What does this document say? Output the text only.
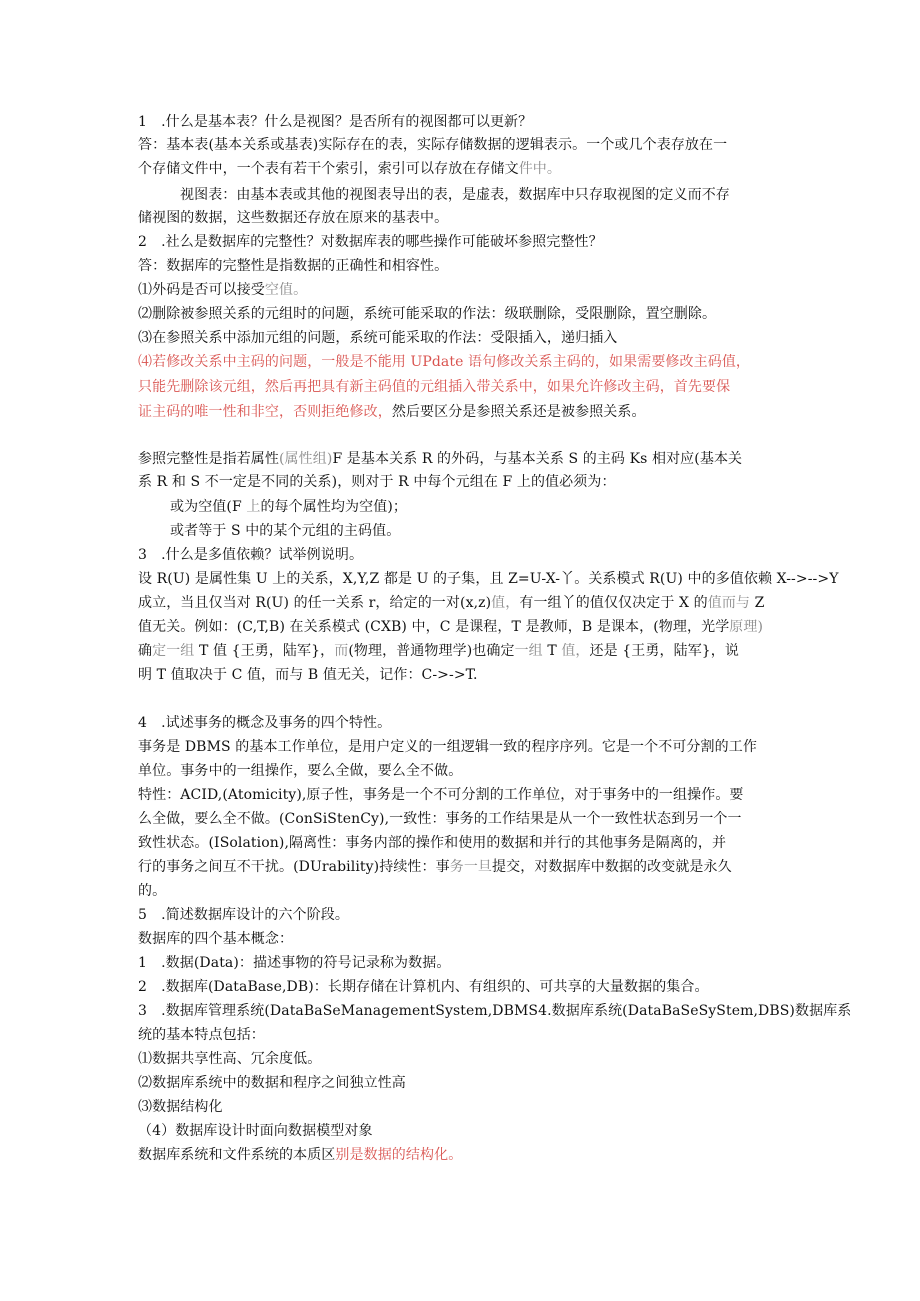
1　.什么是基本表？什么是视图？是否所有的视图都可以更新？
答：基本表(基本关系或基表)实际存在的表，实际存储数据的逻辑表示。一个或几个表存放在一
个存储文件中，一个表有若干个索引，索引可以存放在存储文件中。
视图表：由基本表或其他的视图表导出的表，是虚表，数据库中只存取视图的定义而不存
储视图的数据，这些数据还存放在原来的基表中。
2　.社么是数据库的完整性？对数据库表的哪些操作可能破坏参照完整性？
答：数据库的完整性是指数据的正确性和相容性。
⑴外码是否可以接受空值。
⑵删除被参照关系的元组时的问题，系统可能采取的作法：级联删除，受限删除，置空删除。
⑶在参照关系中添加元组的问题，系统可能采取的作法：受限插入，递归插入
⑷若修改关系中主码的问题，一般是不能用 UPdate 语句修改关系主码的，如果需要修改主码值，
只能先删除该元组，然后再把具有新主码值的元组插入带关系中，如果允许修改主码，首先要保
证主码的唯一性和非空，否则拒绝修改，然后要区分是参照关系还是被参照关系。
参照完整性是指若属性(属性组)F 是基本关系 R 的外码，与基本关系 S 的主码 Ks 相对应(基本关
系 R 和 S 不一定是不同的关系)，则对于 R 中每个元组在 F 上的值必须为：
或为空值(F 上的每个属性均为空值)；
或者等于 S 中的某个元组的主码值。
3　.什么是多值依赖？试举例说明。
设 R(U) 是属性集 U 上的关系，X,Y,Z 都是 U 的子集，且 Z=U-X-丫。关系模式 R(U) 中的多值依赖 X-->-->Y
成立，当且仅当对 R(U) 的任一关系 r，给定的一对(x,z)值，有一组丫的值仅仅决定于 X 的值而与 Z
值无关。例如：(C,T,B) 在关系模式 (CXB) 中，C 是课程，T 是教师，B 是课本，(物理，光学原理)
确定一组 T 值 {王勇，陆军}，而(物理，普通物理学)也确定一组 T 值，还是 {王勇，陆军}，说
明 T 值取决于 C 值，而与 B 值无关，记作：C->->T.
4　.试述事务的概念及事务的四个特性。
事务是 DBMS 的基本工作单位，是用户定义的一组逻辑一致的程序序列。它是一个不可分割的工作
单位。事务中的一组操作，要么全做，要么全不做。
特性：ACID,(Atomicity),原子性，事务是一个不可分割的工作单位，对于事务中的一组操作。要
么全做，要么全不做。(ConSiStenCy),一致性：事务的工作结果是从一个一致性状态到另一个一
致性状态。(ISolation),隔离性：事务内部的操作和使用的数据和并行的其他事务是隔离的，并
行的事务之间互不干扰。(DUrability)持续性：事务一旦提交，对数据库中数据的改变就是永久
的。
5　.简述数据库设计的六个阶段。
数据库的四个基本概念：
1　.数据(Data)：描述事物的符号记录称为数据。
2　.数据库(DataBase,DB)：长期存储在计算机内、有组织的、可共享的大量数据的集合。
3　.数据库管理系统(DataBaSeManagementSystem,DBMS4.数据库系统(DataBaSeSyStem,DBS)数据库系
统的基本特点包括：
⑴数据共享性高、冗余度低。
⑵数据库系统中的数据和程序之间独立性高
⑶数据结构化
（4）数据库设计时面向数据模型对象
数据库系统和文件系统的本质区别是数据的结构化。
